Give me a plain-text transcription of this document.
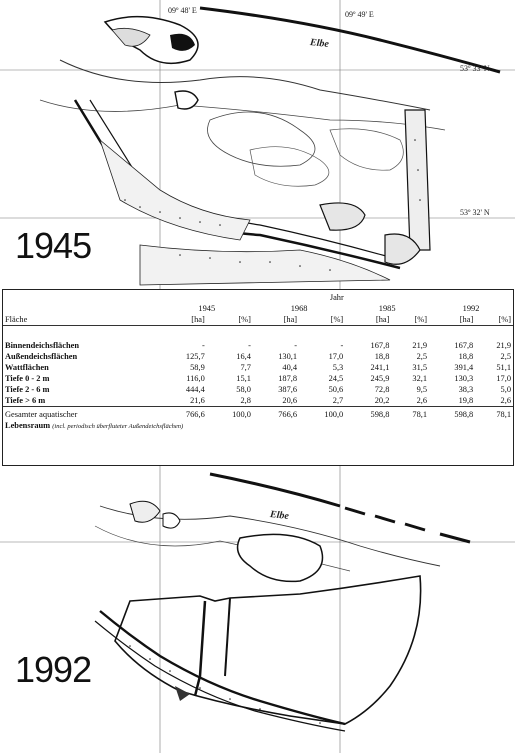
09º 48' E	09º 49' E
53º 33' N
53º 32' N
Elbe
1945
	Jahr							
	1945		1968		1985		1992	
Fläche	[ha]	[%]	[ha]	[%]	[ha]	[%]	[ha]	[%]

Binnendeichsflächen	-	-	-	-	167,8	21,9	167,8	21,9
Außendeichsflächen	125,7	16,4	130,1	17,0	18,8	2,5	18,8	2,5
Wattflächen	58,9	7,7	40,4	5,3	241,1	31,5	391,4	51,1
Tiefe 0 - 2 m	116,0	15,1	187,8	24,5	245,9	32,1	130,3	17,0
Tiefe 2 - 6 m	444,4	58,0	387,6	50,6	72,8	9,5	38,3	5,0
Tiefe > 6 m	21,6	2,8	20,6	2,7	20,2	2,6	19,8	2,6
Gesamter aquatischer	766,6	100,0	766,6	100,0	598,8	78,1	598,8	78,1
Lebensraum (incl. periodisch überfluteter Außendeichsflächen)								
Elbe
1992
